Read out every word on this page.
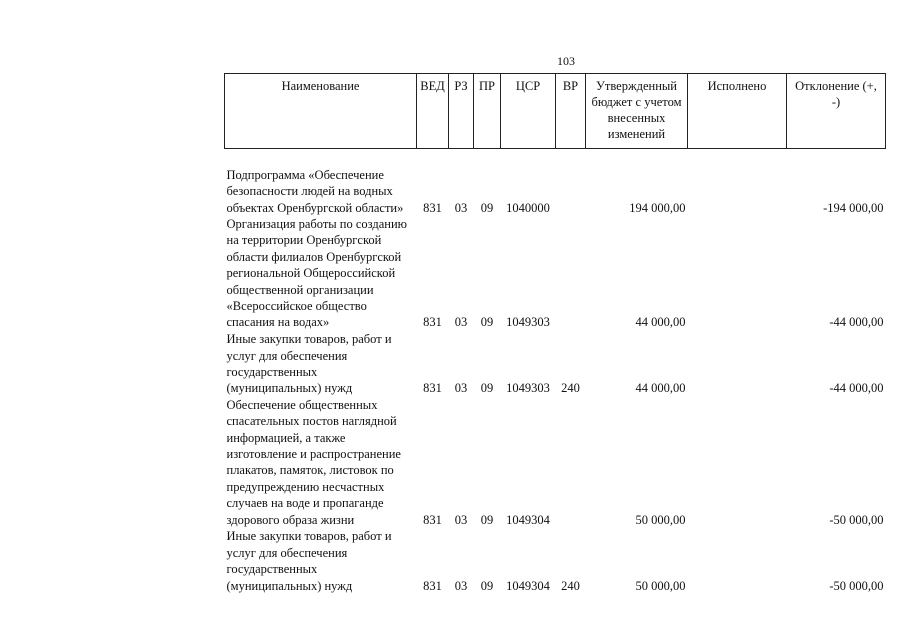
103
Наименование	ВЕД	РЗ	ПР	ЦСР	ВР	Утвержденный бюджет с учетом внесенных изменений	Исполнено	Отклонение (+, -)
Подпрограмма «Обеспечение безопасности людей на водных объектах Оренбургской области»	831	03	09	1040000		194 000,00		-194 000,00
Организация работы по созданию на территории Оренбургской области филиалов Оренбургской региональной Общероссийской общественной организации «Всероссийское общество спасания на водах»	831	03	09	1049303		44 000,00		-44 000,00
Иные закупки товаров, работ и услуг для обеспечения государственных (муниципальных) нужд	831	03	09	1049303	240	44 000,00		-44 000,00
Обеспечение общественных спасательных постов наглядной информацией, а также изготовление и распространение плакатов, памяток, листовок по предупреждению несчастных случаев на воде и пропаганде здорового образа жизни	831	03	09	1049304		50 000,00		-50 000,00
Иные закупки товаров, работ и услуг для обеспечения государственных (муниципальных) нужд	831	03	09	1049304	240	50 000,00		-50 000,00
